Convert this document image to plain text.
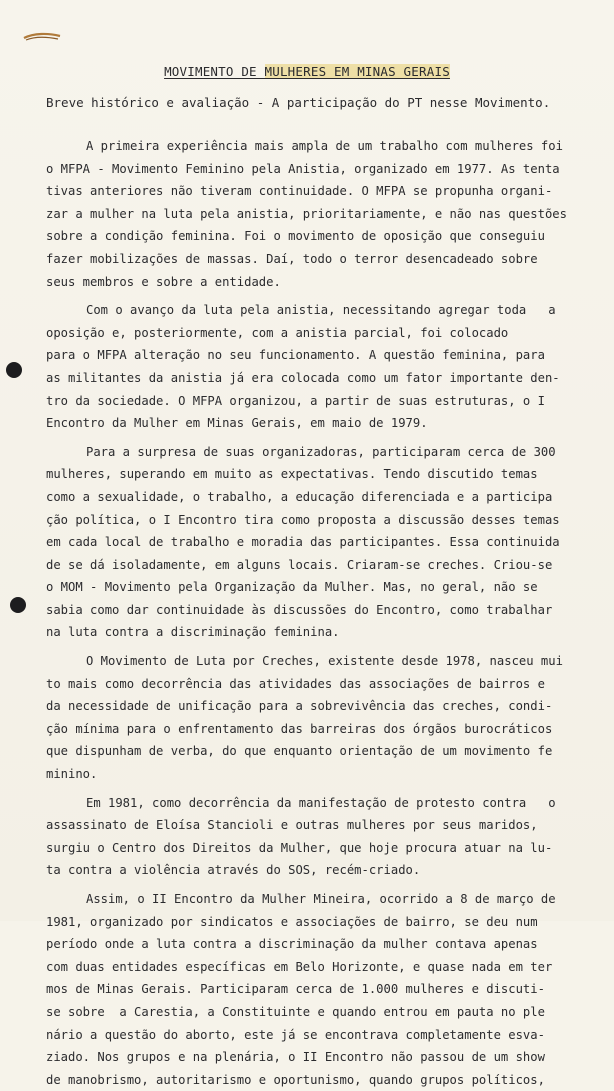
MOVIMENTO DE MULHERES EM MINAS GERAIS
Breve histórico e avaliação - A participação do PT nesse Movimento.
A primeira experiência mais ampla de um trabalho com mulheres foi
o MFPA - Movimento Feminino pela Anistia, organizado em 1977. As tenta
tivas anteriores não tiveram continuidade. O MFPA se propunha organi-
zar a mulher na luta pela anistia, prioritariamente, e não nas questões
sobre a condição feminina. Foi o movimento de oposição que conseguiu
fazer mobilizações de massas. Daí, todo o terror desencadeado sobre
seus membros e sobre a entidade.
Com o avanço da luta pela anistia, necessitando agregar toda   a
oposição e, posteriormente, com a anistia parcial, foi colocado
para o MFPA alteração no seu funcionamento. A questão feminina, para
as militantes da anistia já era colocada como um fator importante den-
tro da sociedade. O MFPA organizou, a partir de suas estruturas, o I
Encontro da Mulher em Minas Gerais, em maio de 1979.
Para a surpresa de suas organizadoras, participaram cerca de 300
mulheres, superando em muito as expectativas. Tendo discutido temas
como a sexualidade, o trabalho, a educação diferenciada e a participa
ção política, o I Encontro tira como proposta a discussão desses temas
em cada local de trabalho e moradia das participantes. Essa continuida
de se dá isoladamente, em alguns locais. Criaram-se creches. Criou-se
o MOM - Movimento pela Organização da Mulher. Mas, no geral, não se
sabia como dar continuidade às discussões do Encontro, como trabalhar
na luta contra a discriminação feminina.
O Movimento de Luta por Creches, existente desde 1978, nasceu mui
to mais como decorrência das atividades das associações de bairros e
da necessidade de unificação para a sobrevivência das creches, condi-
ção mínima para o enfrentamento das barreiras dos órgãos burocráticos
que dispunham de verba, do que enquanto orientação de um movimento fe
minino.
Em 1981, como decorrência da manifestação de protesto contra   o
assassinato de Eloísa Stancioli e outras mulheres por seus maridos,
surgiu o Centro dos Direitos da Mulher, que hoje procura atuar na lu-
ta contra a violência através do SOS, recém-criado.
Assim, o II Encontro da Mulher Mineira, ocorrido a 8 de março de
1981, organizado por sindicatos e associações de bairro, se deu num
período onde a luta contra a discriminação da mulher contava apenas
com duas entidades específicas em Belo Horizonte, e quase nada em ter
mos de Minas Gerais. Participaram cerca de 1.000 mulheres e discuti-
se sobre  a Carestia, a Constituinte e quando entrou em pauta no ple
nário a questão do aborto, este já se encontrava completamente esva-
ziado. Nos grupos e na plenária, o II Encontro não passou de um show
de manobrismo, autoritarismo e oportunismo, quando grupos políticos,
